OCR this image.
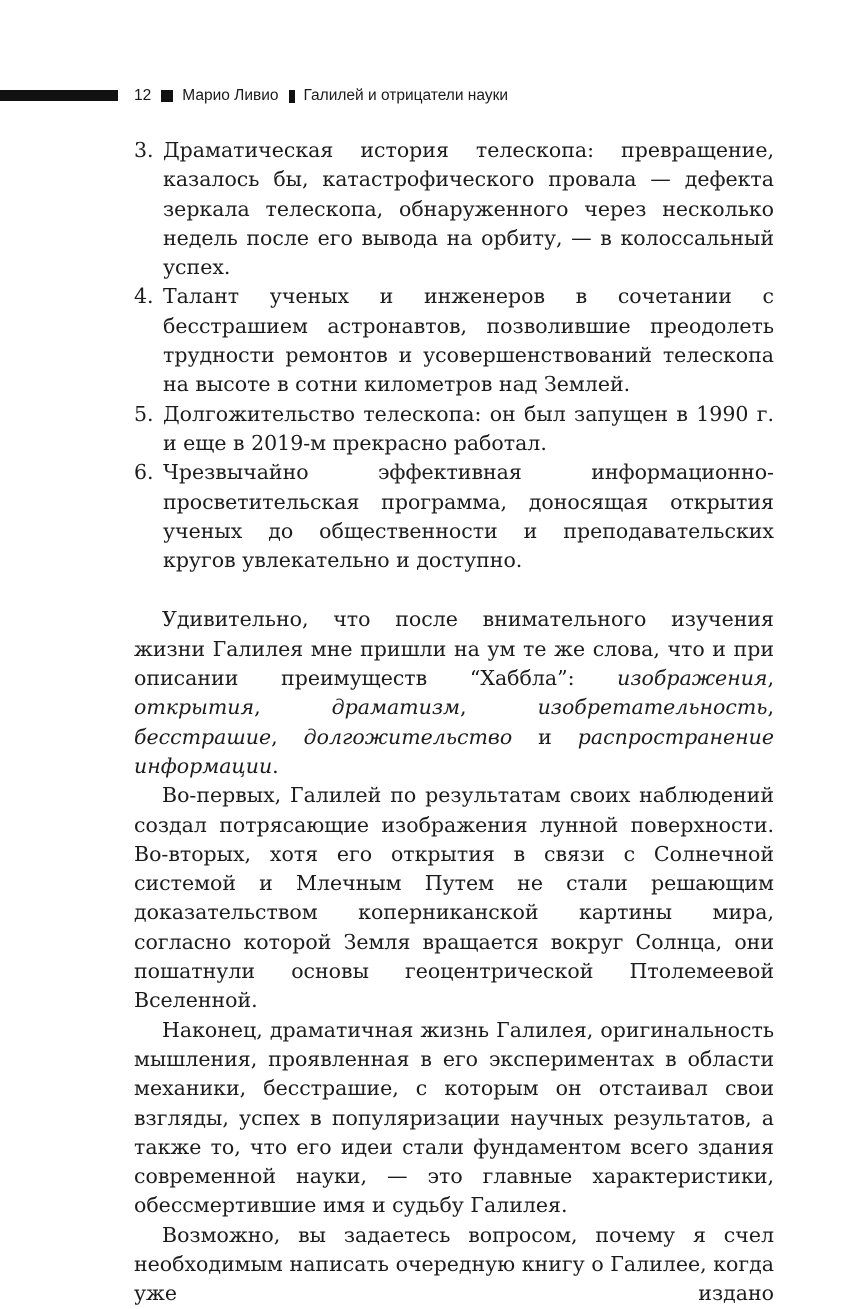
12 Марио Ливио Галилей и отрицатели науки
3. Драматическая история телескопа: превращение, казалось бы, катастрофического провала — дефекта зеркала телескопа, обнаруженного через несколько недель после его вывода на орбиту, — в колоссальный успех.
4. Талант ученых и инженеров в сочетании с бесстрашием астронавтов, позволившие преодолеть трудности ремонтов и усовершенствований телескопа на высоте в сотни километров над Землей.
5. Долгожительство телескопа: он был запущен в 1990 г. и еще в 2019-м прекрасно работал.
6. Чрезвычайно эффективная информационно-просветительская программа, доносящая открытия ученых до общественности и преподавательских кругов увлекательно и доступно.

Удивительно, что после внимательного изучения жизни Галилея мне пришли на ум те же слова, что и при описании преимуществ “Хаббла”: изображения, открытия, драматизм, изобретательность, бесстрашие, долгожительство и распространение информации.

Во-первых, Галилей по результатам своих наблюдений создал потрясающие изображения лунной поверхности. Во-вторых, хотя его открытия в связи с Солнечной системой и Млечным Путем не стали решающим доказательством коперниканской картины мира, согласно которой Земля вращается вокруг Солнца, они пошатнули основы геоцентрической Птолемеевой Вселенной.

Наконец, драматичная жизнь Галилея, оригинальность мышления, проявленная в его экспериментах в области механики, бесстрашие, с которым он отстаивал свои взгляды, успех в популяризации научных результатов, а также то, что его идеи стали фундаментом всего здания современной науки, — это главные характеристики, обессмертившие имя и судьбу Галилея.

Возможно, вы задаетесь вопросом, почему я счел необходимым написать очередную книгу о Галилее, когда уже издано
